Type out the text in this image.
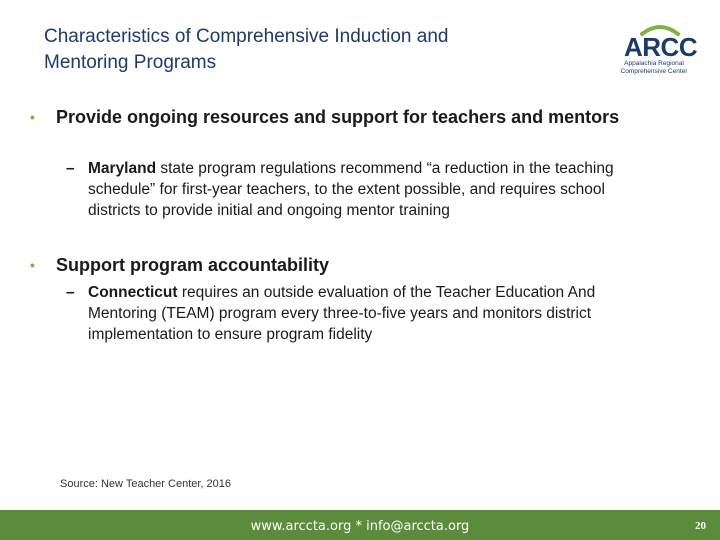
Characteristics of Comprehensive Induction and
Mentoring Programs
ARCC
Appalachia Regional
Comprehensive Center
• Provide ongoing resources and support for teachers and mentors
– Maryland state program regulations recommend “a reduction in the teaching schedule” for first-year teachers, to the extent possible, and requires school districts to provide initial and ongoing mentor training
• Support program accountability
– Connecticut requires an outside evaluation of the Teacher Education And Mentoring (TEAM) program every three-to-five years and monitors district implementation to ensure program fidelity
Source: New Teacher Center, 2016
www.arccta.org * info@arccta.org	20
